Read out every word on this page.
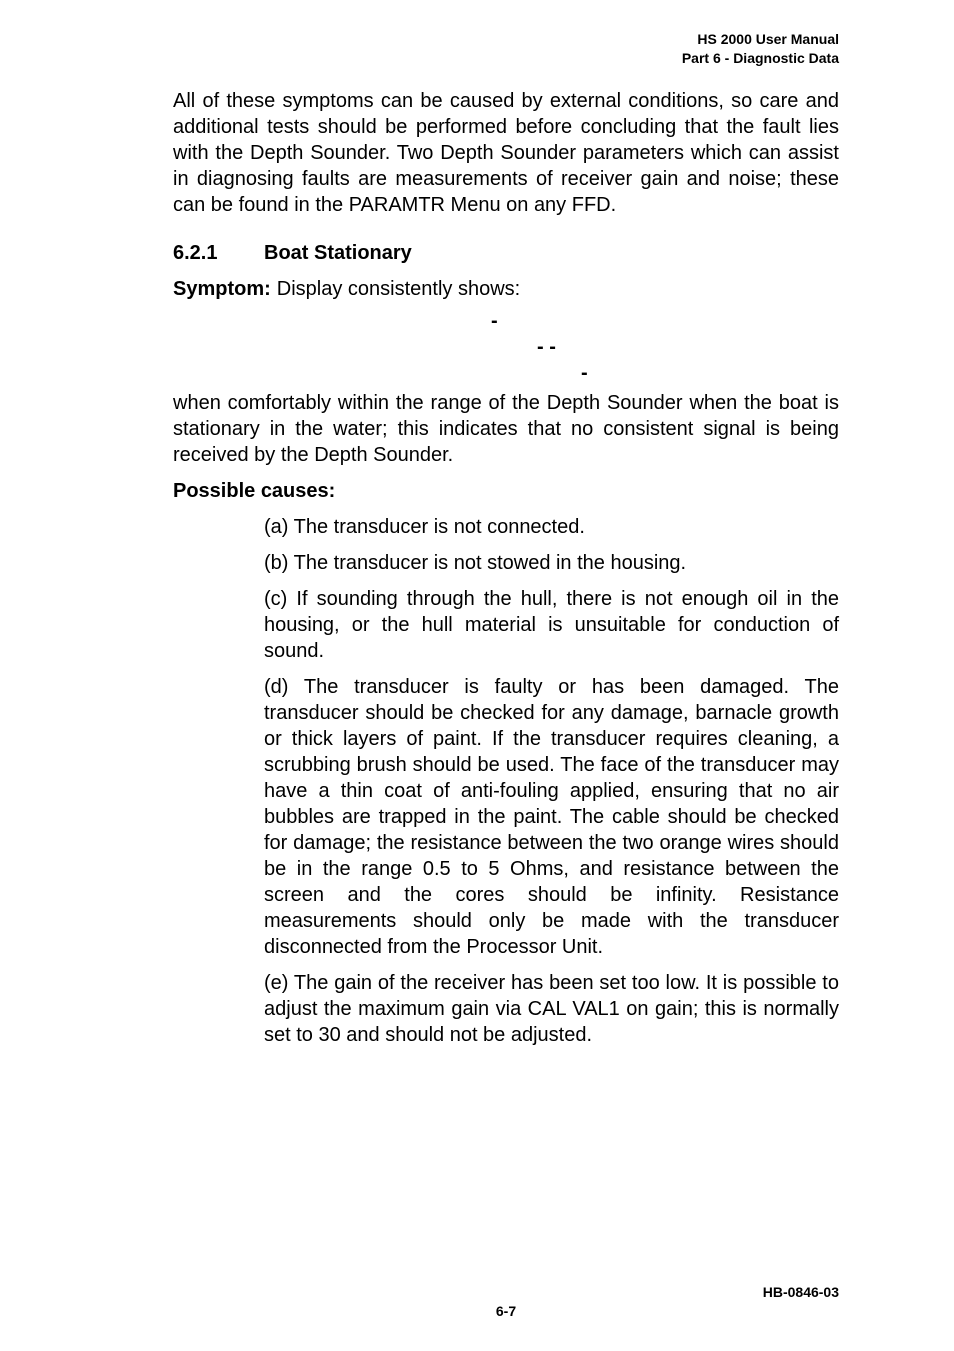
HS 2000 User Manual
Part 6 - Diagnostic Data

All of these symptoms can be caused by external conditions, so care and additional tests should be performed before concluding that the fault lies with the Depth Sounder. Two Depth Sounder parameters which can assist in diagnosing faults are measurements of receiver gain and noise; these can be found in the PARAMTR Menu on any FFD.

6.2.1 Boat Stationary

Symptom: Display consistently shows:

-
- -
-

when comfortably within the range of the Depth Sounder when the boat is stationary in the water; this indicates that no consistent signal is being received by the Depth Sounder.

Possible causes:

(a) The transducer is not connected.

(b) The transducer is not stowed in the housing.

(c) If sounding through the hull, there is not enough oil in the housing, or the hull material is unsuitable for conduction of sound.

(d) The transducer is faulty or has been damaged. The transducer should be checked for any damage, barnacle growth or thick layers of paint. If the transducer requires cleaning, a scrubbing brush should be used. The face of the transducer may have a thin coat of anti-fouling applied, ensuring that no air bubbles are trapped in the paint. The cable should be checked for damage; the resistance between the two orange wires should be in the range 0.5 to 5 Ohms, and resistance between the screen and the cores should be infinity. Resistance measurements should only be made with the transducer disconnected from the Processor Unit.

(e) The gain of the receiver has been set too low. It is possible to adjust the maximum gain via CAL VAL1 on gain; this is normally set to 30 and should not be adjusted.

HB-0846-03
6-7
